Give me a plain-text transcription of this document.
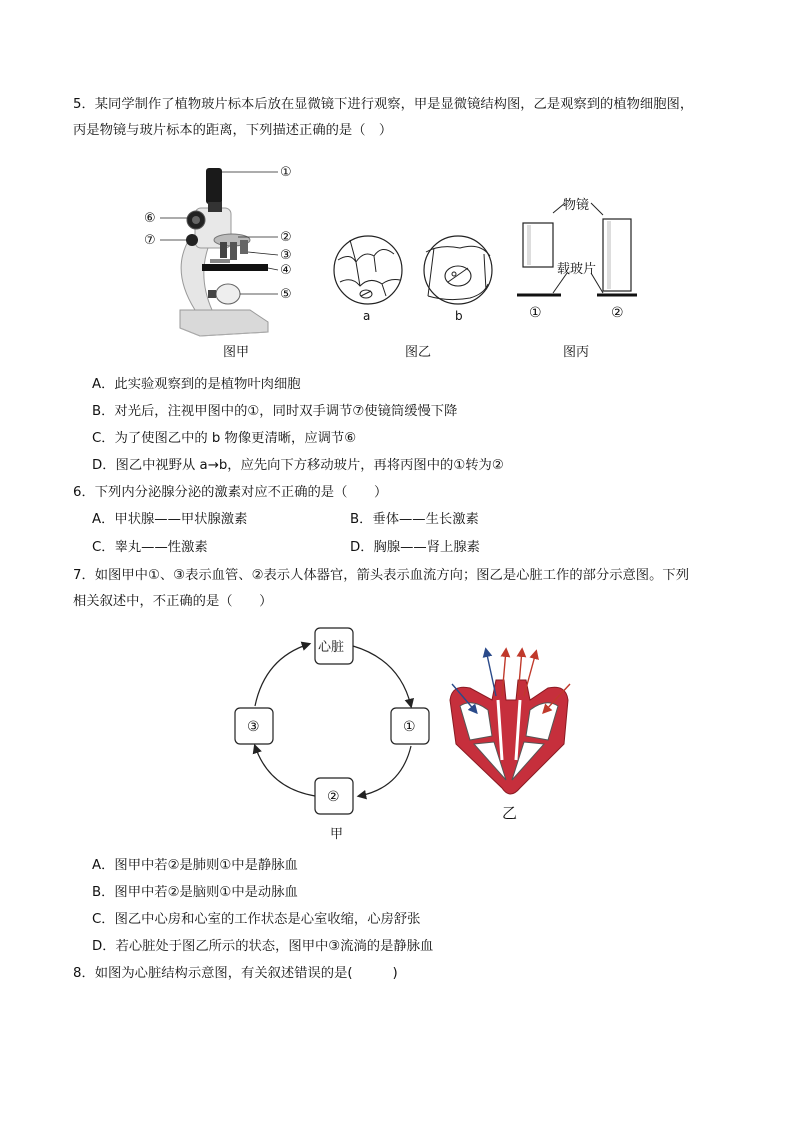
5．某同学制作了植物玻片标本后放在显微镜下进行观察，甲是显微镜结构图，乙是观察到的植物细胞图，
丙是物镜与玻片标本的距离，下列描述正确的是（　）
①
⑥
②
⑦
③
④
⑤
图甲
a	b
图乙
物镜
载玻片
①	②
图丙
A．此实验观察到的是植物叶肉细胞
B．对光后，注视甲图中的①，同时双手调节⑦使镜筒缓慢下降
C．为了使图乙中的 b 物像更清晰，应调节⑥
D．图乙中视野从 a→b，应先向下方移动玻片，再将丙图中的①转为②
6．下列内分泌腺分泌的激素对应不正确的是（　　）
A．甲状腺——甲状腺激素	B．垂体——生长激素
C．睾丸——性激素	D．胸腺——肾上腺素
7．如图甲中①、③表示血管、②表示人体器官，箭头表示血流方向；图乙是心脏工作的部分示意图。下列
相关叙述中，不正确的是（　　）
心脏
①
②
③
甲
乙
A．图甲中若②是肺则①中是静脉血
B．图甲中若②是脑则①中是动脉血
C．图乙中心房和心室的工作状态是心室收缩，心房舒张
D．若心脏处于图乙所示的状态，图甲中③流淌的是静脉血
8．如图为心脏结构示意图，有关叙述错误的是(　　　)
